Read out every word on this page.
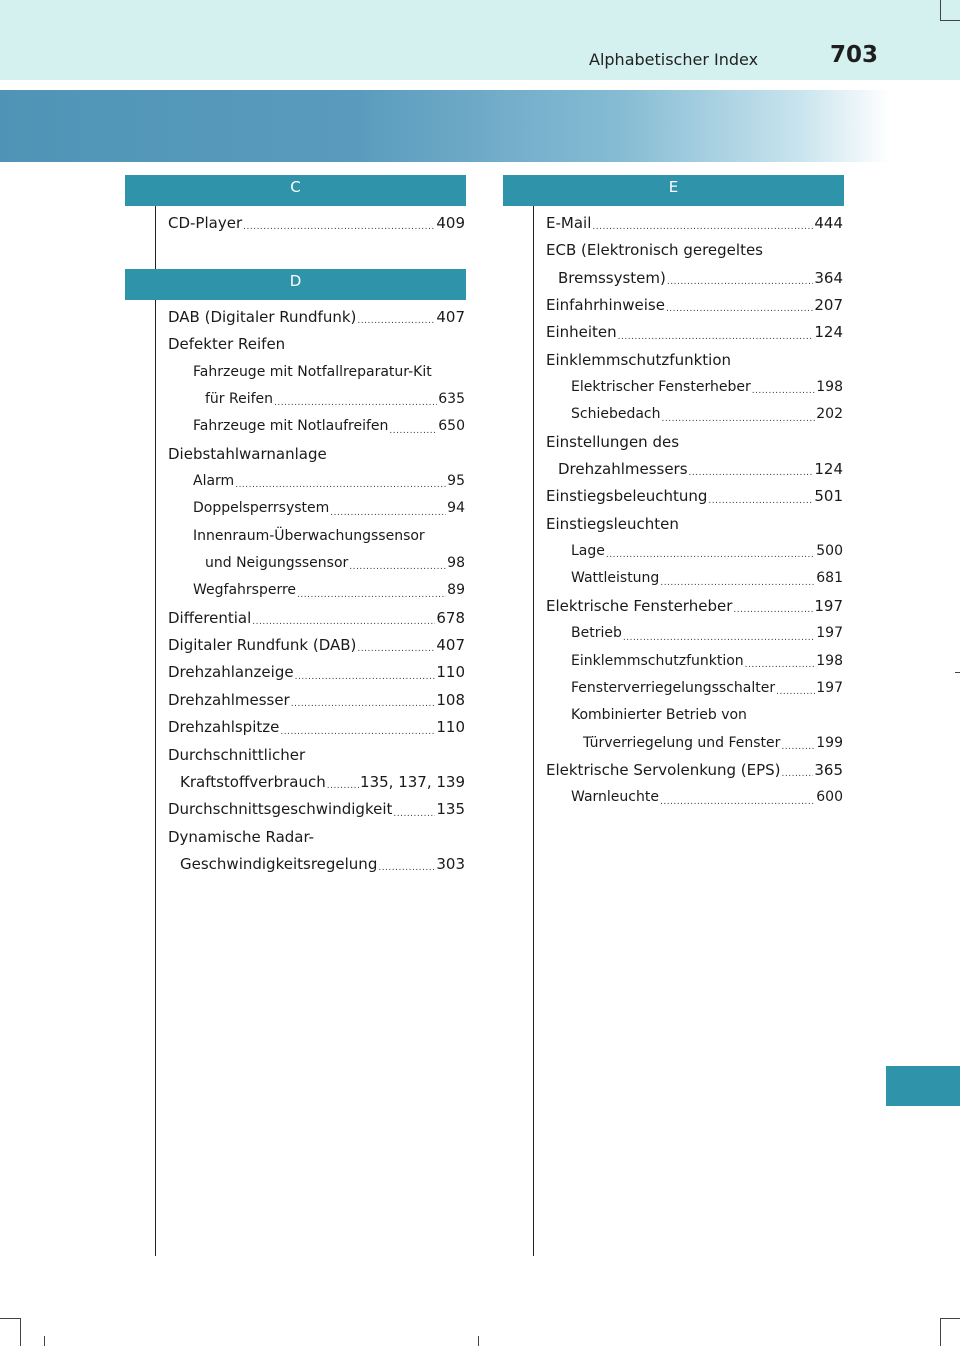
Alphabetischer Index	703
C
CD-Player .....	409
D
DAB (Digitaler Rundfunk) .....	407
Defekter Reifen
Fahrzeuge mit Notfallreparatur-Kit
für Reifen .....	635
Fahrzeuge mit Notlaufreifen .....	650
Diebstahlwarnanlage
Alarm .....	95
Doppelsperrsystem .....	94
Innenraum-Überwachungssensor
und Neigungssensor .....	98
Wegfahrsperre .....	89
Differential .....	678
Digitaler Rundfunk (DAB) .....	407
Drehzahlanzeige .....	110
Drehzahlmesser .....	108
Drehzahlspitze .....	110
Durchschnittlicher
Kraftstoffverbrauch ..... 135, 137, 139
Durchschnittsgeschwindigkeit .....	135
Dynamische Radar-
Geschwindigkeitsregelung .....	303
E
E-Mail .....	444
ECB (Elektronisch geregeltes
Bremssystem) .....	364
Einfahrhinweise .....	207
Einheiten .....	124
Einklemmschutzfunktion
Elektrischer Fensterheber .....	198
Schiebedach .....	202
Einstellungen des
Drehzahlmessers .....	124
Einstiegsbeleuchtung .....	501
Einstiegsleuchten
Lage .....	500
Wattleistung .....	681
Elektrische Fensterheber .....	197
Betrieb .....	197
Einklemmschutzfunktion .....	198
Fensterverriegelungsschalter .....	197
Kombinierter Betrieb von
Türverriegelung und Fenster .....	199
Elektrische Servolenkung (EPS) ..... 365
Warnleuchte .....	600
